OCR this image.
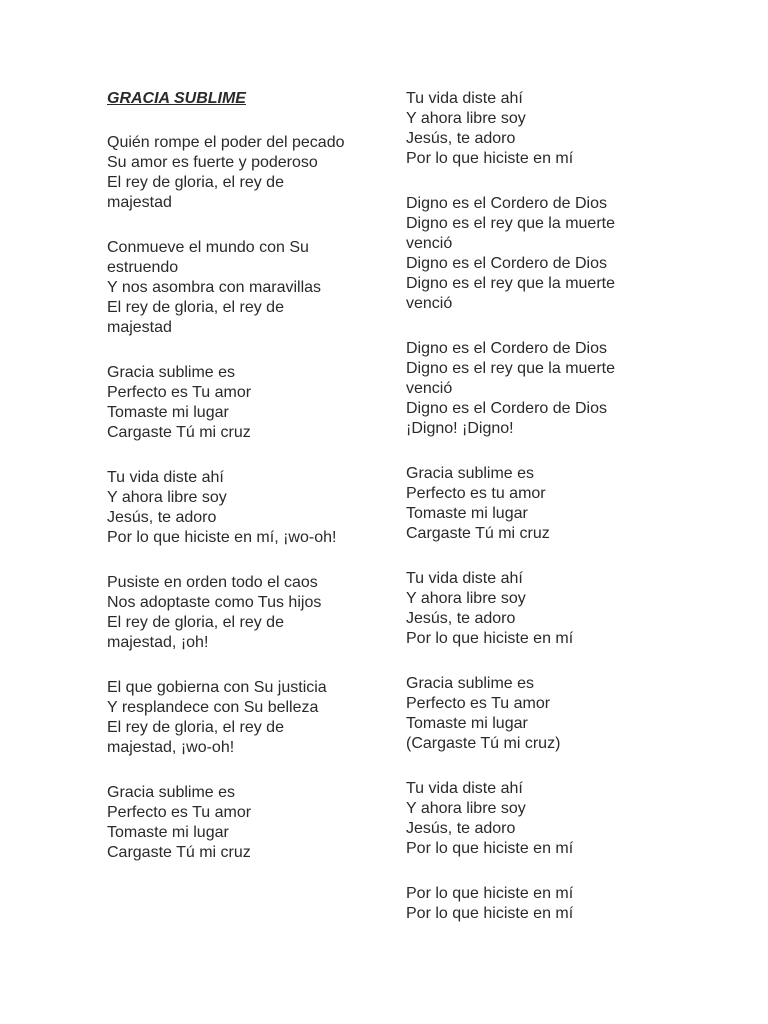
GRACIA SUBLIME
Quién rompe el poder del pecado
Su amor es fuerte y poderoso
El rey de gloria, el rey de
majestad
Conmueve el mundo con Su
estruendo
Y nos asombra con maravillas
El rey de gloria, el rey de
majestad
Gracia sublime es
Perfecto es Tu amor
Tomaste mi lugar
Cargaste Tú mi cruz
Tu vida diste ahí
Y ahora libre soy
Jesús, te adoro
Por lo que hiciste en mí, ¡wo-oh!
Pusiste en orden todo el caos
Nos adoptaste como Tus hijos
El rey de gloria, el rey de
majestad, ¡oh!
El que gobierna con Su justicia
Y resplandece con Su belleza
El rey de gloria, el rey de
majestad, ¡wo-oh!
Gracia sublime es
Perfecto es Tu amor
Tomaste mi lugar
Cargaste Tú mi cruz
Tu vida diste ahí
Y ahora libre soy
Jesús, te adoro
Por lo que hiciste en mí
Digno es el Cordero de Dios
Digno es el rey que la muerte
venció
Digno es el Cordero de Dios
Digno es el rey que la muerte
venció
Digno es el Cordero de Dios
Digno es el rey que la muerte
venció
Digno es el Cordero de Dios
¡Digno! ¡Digno!
Gracia sublime es
Perfecto es tu amor
Tomaste mi lugar
Cargaste Tú mi cruz
Tu vida diste ahí
Y ahora libre soy
Jesús, te adoro
Por lo que hiciste en mí
Gracia sublime es
Perfecto es Tu amor
Tomaste mi lugar
(Cargaste Tú mi cruz)
Tu vida diste ahí
Y ahora libre soy
Jesús, te adoro
Por lo que hiciste en mí
Por lo que hiciste en mí
Por lo que hiciste en mí
